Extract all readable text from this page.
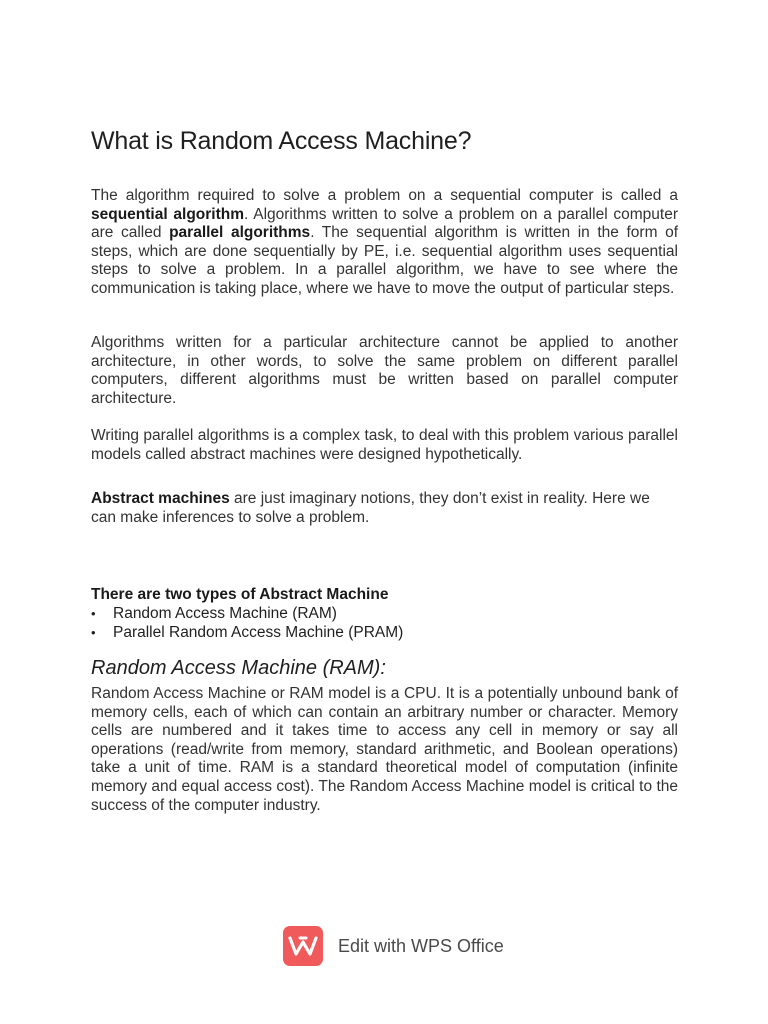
What is Random Access Machine?

The algorithm required to solve a problem on a sequential computer is called a sequential algorithm. Algorithms written to solve a problem on a parallel computer are called parallel algorithms. The sequential algorithm is written in the form of steps, which are done sequentially by PE, i.e. sequential algorithm uses sequential steps to solve a problem. In a parallel algorithm, we have to see where the communication is taking place, where we have to move the output of particular steps.

Algorithms written for a particular architecture cannot be applied to another architecture, in other words, to solve the same problem on different parallel computers, different algorithms must be written based on parallel computer architecture.

Writing parallel algorithms is a complex task, to deal with this problem various parallel models called abstract machines were designed hypothetically.

Abstract machines are just imaginary notions, they don’t exist in reality. Here we can make inferences to solve a problem.

There are two types of Abstract Machine

• Random Access Machine (RAM)
• Parallel Random Access Machine (PRAM)
Random Access Machine (RAM):

Random Access Machine or RAM model is a CPU. It is a potentially unbound bank of memory cells, each of which can contain an arbitrary number or character. Memory cells are numbered and it takes time to access any cell in memory or say all operations (read/write from memory, standard arithmetic, and Boolean operations) take a unit of time. RAM is a standard theoretical model of computation (infinite memory and equal access cost). The Random Access Machine model is critical to the success of the computer industry.

Edit with WPS Office
